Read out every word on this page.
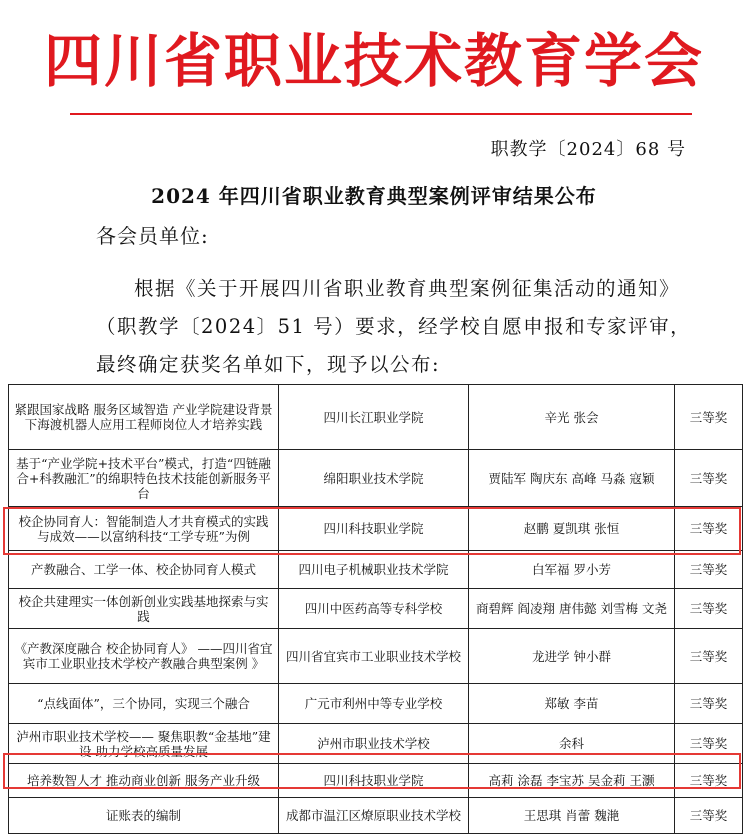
四川省职业技术教育学会
职教学〔2024〕68 号
2024 年四川省职业教育典型案例评审结果公布
各会员单位:
根据《关于开展四川省职业教育典型案例征集活动的通知》（职教学〔2024〕51 号）要求，经学校自愿申报和专家评审，最终确定获奖名单如下，现予以公布:
紧跟国家战略 服务区域智造 产业学院建设背景下海渡机器人应用工程师岗位人才培养实践	四川长江职业学院	辛光 张会	三等奖
基于“产业学院+技术平台”模式，打造“四链融合+科教融汇”的绵职特色技术技能创新服务平台	绵阳职业技术学院	贾陆军 陶庆东 高峰 马淼 寇颖	三等奖
校企协同育人：智能制造人才共育模式的实践与成效——以富纳科技“工学专班”为例	四川科技职业学院	赵鹏 夏凯琪 张恒	三等奖
产教融合、工学一体、校企协同育人模式	四川电子机械职业技术学院	白军福 罗小芳	三等奖
校企共建理实一体创新创业实践基地探索与实践	四川中医药高等专科学校	商碧辉 阎凌翔 唐伟懿 刘雪梅 文尧	三等奖
《产教深度融合 校企协同育人》 ——四川省宜宾市工业职业技术学校产教融合典型案例 》	四川省宜宾市工业职业技术学校	龙进学 钟小群	三等奖
“点线面体”，三个协同，实现三个融合	广元市利州中等专业学校	郑敏 李苗	三等奖
泸州市职业技术学校—— 聚焦职教“金基地”建设 助力学校高质量发展	泸州市职业技术学校	余科	三等奖
培养数智人才 推动商业创新 服务产业升级	四川科技职业学院	高莉 涂磊 李宝苏 吴金莉 王灏	三等奖
证账表的编制	成都市温江区燎原职业技术学校	王思琪 肖蕾 魏滟	三等奖
